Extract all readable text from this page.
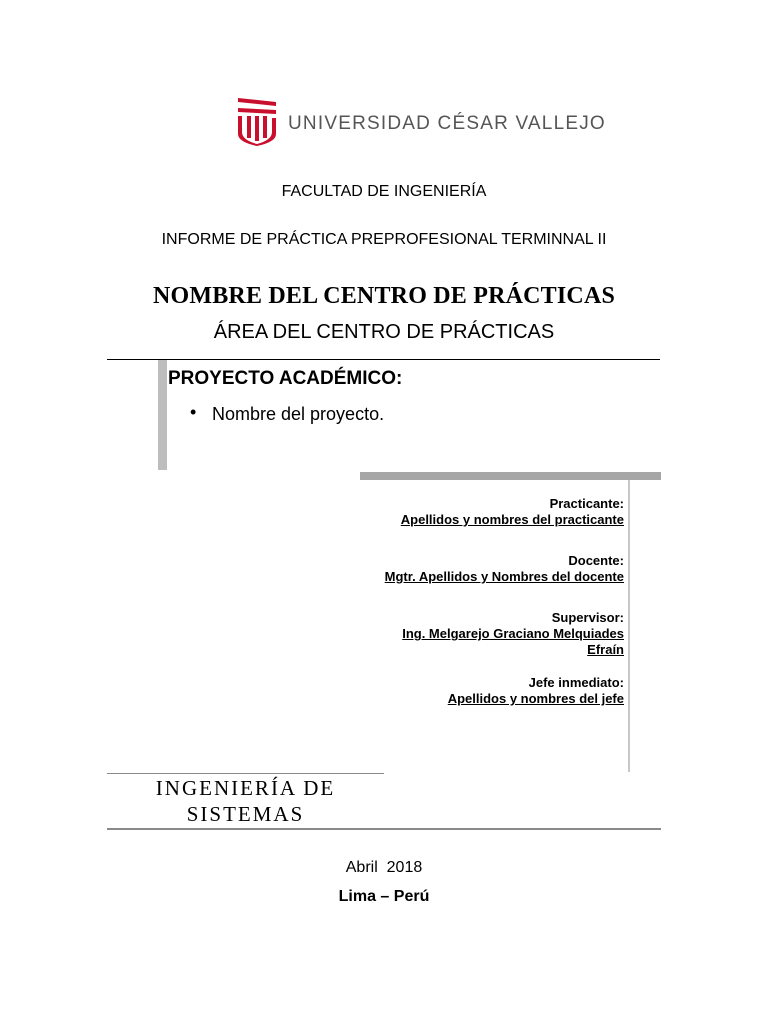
UNIVERSIDAD CÉSAR VALLEJO
FACULTAD DE INGENIERÍA
INFORME DE PRÁCTICA PREPROFESIONAL TERMINNAL II
NOMBRE DEL CENTRO DE PRÁCTICAS
ÁREA DEL CENTRO DE PRÁCTICAS
PROYECTO ACADÉMICO:
• Nombre del proyecto.
Practicante:
Apellidos y nombres del practicante
Docente:
Mgtr. Apellidos y Nombres del docente
Supervisor:
Ing. Melgarejo Graciano Melquiades
Efraín
Jefe inmediato:
Apellidos y nombres del jefe
INGENIERÍA DE
SISTEMAS
Abril  2018
Lima – Perú
